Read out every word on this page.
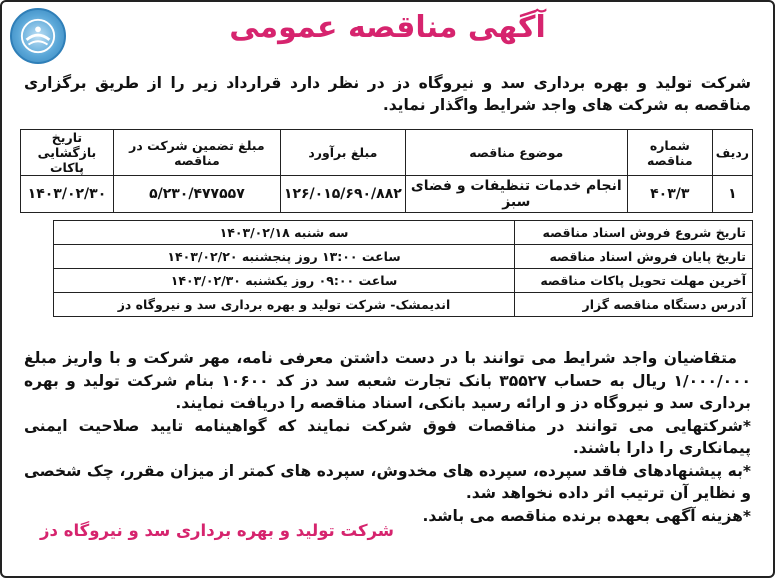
آگهی مناقصه عمومی
شرکت تولید و بهره برداری سد و نیروگاه دز در نظر دارد قرارداد زیر را از طریق برگزاری مناقصه به شرکت های واجد شرایط واگذار نماید.
ردیف	شماره مناقصه	موضوع مناقصه	مبلغ برآورد	مبلغ تضمین شرکت در مناقصه	تاریخ بازگشایی پاکات
۱	۴۰۳/۳	انجام خدمات تنظیفات و فضای سبز	۱۲۶/۰۱۵/۶۹۰/۸۸۲	۵/۲۳۰/۴۷۷۵۵۷	۱۴۰۳/۰۲/۳۰
تاریخ شروع فروش اسناد مناقصه	سه شنبه ۱۴۰۳/۰۲/۱۸
تاریخ پایان فروش اسناد مناقصه	ساعت ۱۳:۰۰ روز پنجشنبه ۱۴۰۳/۰۲/۲۰
آخرین مهلت تحویل پاکات مناقصه	ساعت ۰۹:۰۰ روز یکشنبه ۱۴۰۳/۰۲/۳۰
آدرس دستگاه مناقصه گزار	اندیمشک- شرکت تولید و بهره برداری سد و نیروگاه دز

متقاضیان واجد شرایط می توانند با در دست داشتن معرفی نامه، مهر شرکت و با واریز مبلغ ۱/۰۰۰/۰۰۰ ریال به حساب ۳۵۵۲۷ بانک تجارت شعبه سد دز کد ۱۰۶۰۰ بنام شرکت تولید و بهره برداری سد و نیروگاه دز و ارائه رسید بانکی، اسناد مناقصه را دریافت نمایند.

*شرکتهایی می توانند در مناقصات فوق شرکت نمایند که گواهینامه تایید صلاحیت ایمنی پیمانکاری را دارا باشند.

*به پیشنهادهای فاقد سپرده، سپرده های مخدوش، سپرده های کمتر از میزان مقرر، چک شخصی و نظایر آن ترتیب اثر داده نخواهد شد.

*هزینه آگهی بعهده برنده مناقصه می باشد.

شرکت تولید و بهره برداری سد و نیروگاه دز
